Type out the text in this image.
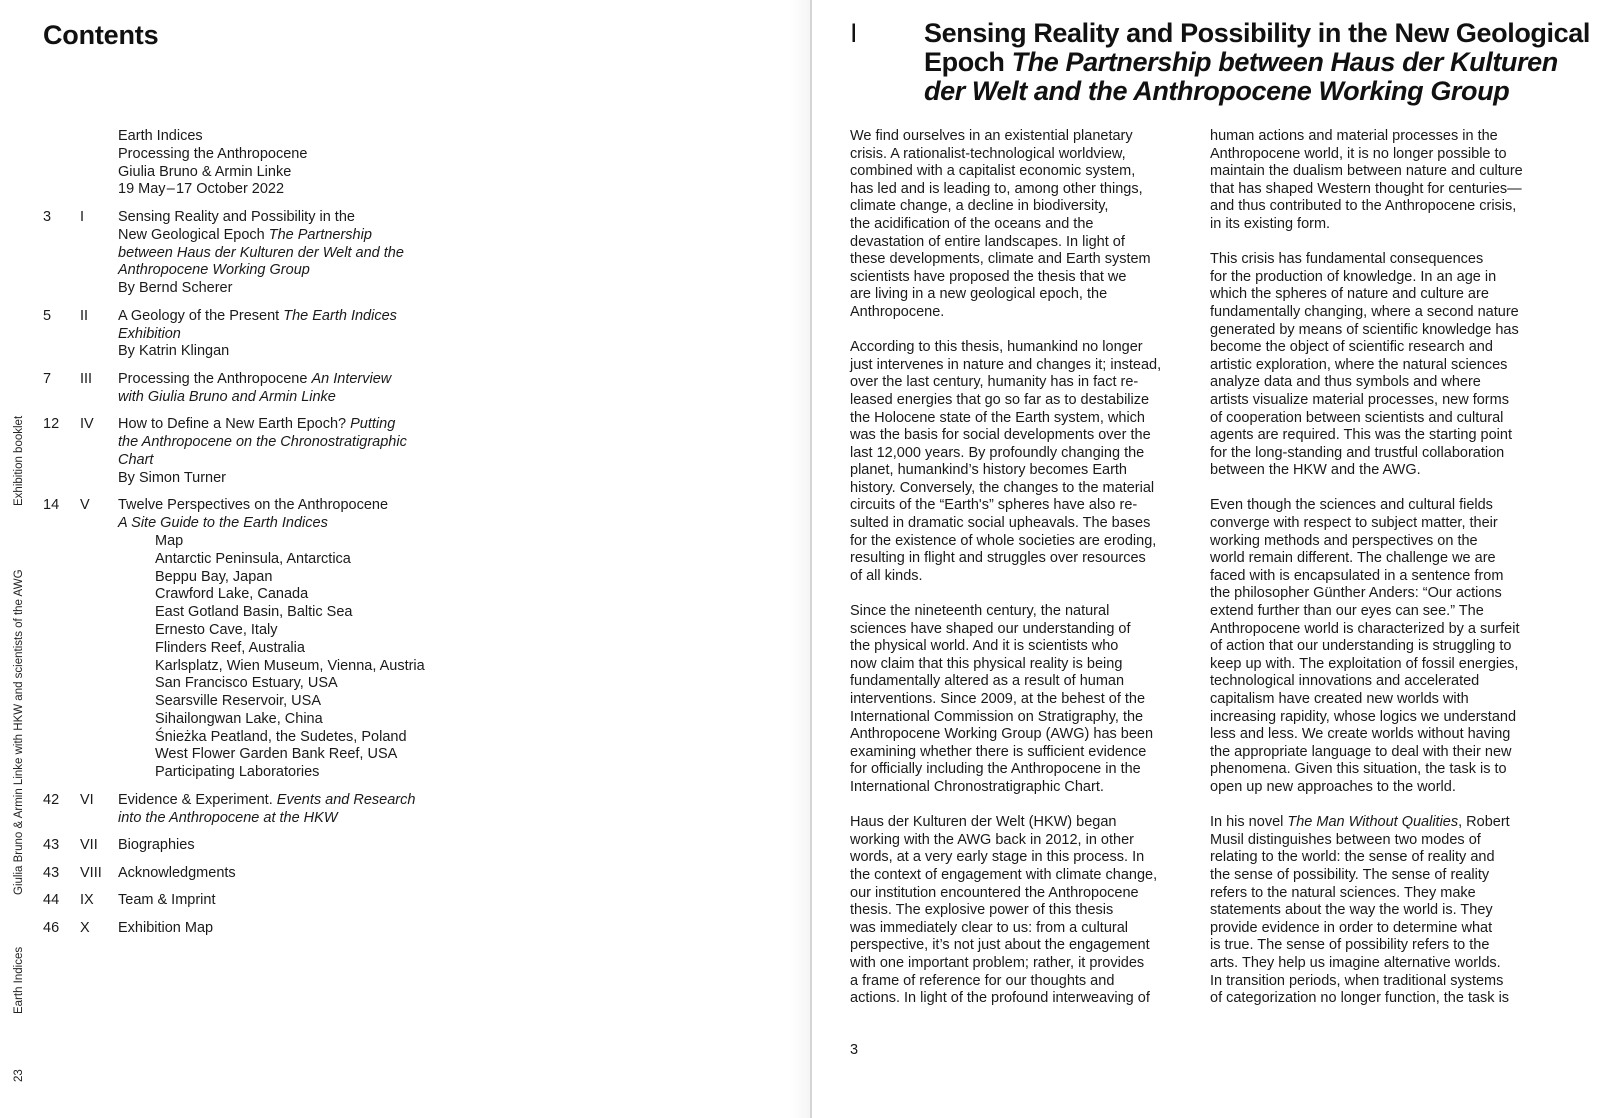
Contents
Exhibition booklet
Giulia Bruno & Armin Linke with HKW and scientists of the AWG
Earth Indices
23
Earth Indices
Processing the Anthropocene
Giulia Bruno & Armin Linke
19 May – 17 October 2022
3	I	Sensing Reality and Possibility in the
New Geological Epoch The Partnership
between Haus der Kulturen der Welt and the
Anthropocene Working Group
By Bernd Scherer
5	II	A Geology of the Present The Earth Indices
Exhibition
By Katrin Klingan
7	III	Processing the Anthropocene An Interview
with Giulia Bruno and Armin Linke
12	IV	How to Define a New Earth Epoch? Putting
the Anthropocene on the Chronostratigraphic
Chart
By Simon Turner
14	V	Twelve Perspectives on the Anthropocene
A Site Guide to the Earth Indices
Map
Antarctic Peninsula, Antarctica
Beppu Bay, Japan
Crawford Lake, Canada
East Gotland Basin, Baltic Sea
Ernesto Cave, Italy
Flinders Reef, Australia
Karlsplatz, Wien Museum, Vienna, Austria
San Francisco Estuary, USA
Searsville Reservoir, USA
Sihailongwan Lake, China
Śnieżka Peatland, the Sudetes, Poland
West Flower Garden Bank Reef, USA
Participating Laboratories
42	VI	Evidence & Experiment. Events and Research
into the Anthropocene at the HKW
43	VII	Biographies
43	VIII	Acknowledgments
44	IX	Team & Imprint
46	X	Exhibition Map
I Sensing Reality and Possibility in the New Geological
Epoch The Partnership between Haus der Kulturen
der Welt and the Anthropocene Working Group
We find ourselves in an existential planetary
crisis. A rationalist-technological worldview,
combined with a capitalist economic system,
has led and is leading to, among other things,
climate change, a decline in biodiversity,
the acidification of the oceans and the
devastation of entire landscapes. In light of
these developments, climate and Earth system
scientists have proposed the thesis that we
are living in a new geological epoch, the
Anthropocene.
According to this thesis, humankind no longer
just intervenes in nature and changes it; instead,
over the last century, humanity has in fact re-
leased energies that go so far as to destabilize
the Holocene state of the Earth system, which
was the basis for social developments over the
last 12,000 years. By profoundly changing the
planet, humankind’s history becomes Earth
history. Conversely, the changes to the material
circuits of the “Earth's” spheres have also re-
sulted in dramatic social upheavals. The bases
for the existence of whole societies are eroding,
resulting in flight and struggles over resources
of all kinds.
Since the nineteenth century, the natural
sciences have shaped our understanding of
the physical world. And it is scientists who
now claim that this physical reality is being
fundamentally altered as a result of human
interventions. Since 2009, at the behest of the
International Commission on Stratigraphy, the
Anthropocene Working Group (AWG) has been
examining whether there is sufficient evidence
for officially including the Anthropocene in the
International Chronostratigraphic Chart.
Haus der Kulturen der Welt (HKW) began
working with the AWG back in 2012, in other
words, at a very early stage in this process. In
the context of engagement with climate change,
our institution encountered the Anthropocene
thesis. The explosive power of this thesis
was immediately clear to us: from a cultural
perspective, it’s not just about the engagement
with one important problem; rather, it provides
a frame of reference for our thoughts and
actions. In light of the profound interweaving of
human actions and material processes in the
Anthropocene world, it is no longer possible to
maintain the dualism between nature and culture
that has shaped Western thought for centuries—
and thus contributed to the Anthropocene crisis,
in its existing form.
This crisis has fundamental consequences
for the production of knowledge. In an age in
which the spheres of nature and culture are
fundamentally changing, where a second nature
generated by means of scientific knowledge has
become the object of scientific research and
artistic exploration, where the natural sciences
analyze data and thus symbols and where
artists visualize material processes, new forms
of cooperation between scientists and cultural
agents are required. This was the starting point
for the long-standing and trustful collaboration
between the HKW and the AWG.
Even though the sciences and cultural fields
converge with respect to subject matter, their
working methods and perspectives on the
world remain different. The challenge we are
faced with is encapsulated in a sentence from
the philosopher Günther Anders: “Our actions
extend further than our eyes can see.” The
Anthropocene world is characterized by a surfeit
of action that our understanding is struggling to
keep up with. The exploitation of fossil energies,
technological innovations and accelerated
capitalism have created new worlds with
increasing rapidity, whose logics we understand
less and less. We create worlds without having
the appropriate language to deal with their new
phenomena. Given this situation, the task is to
open up new approaches to the world.
In his novel The Man Without Qualities, Robert
Musil distinguishes between two modes of
relating to the world: the sense of reality and
the sense of possibility. The sense of reality
refers to the natural sciences. They make
statements about the way the world is. They
provide evidence in order to determine what
is true. The sense of possibility refers to the
arts. They help us imagine alternative worlds.
In transition periods, when traditional systems
of categorization no longer function, the task is
3
